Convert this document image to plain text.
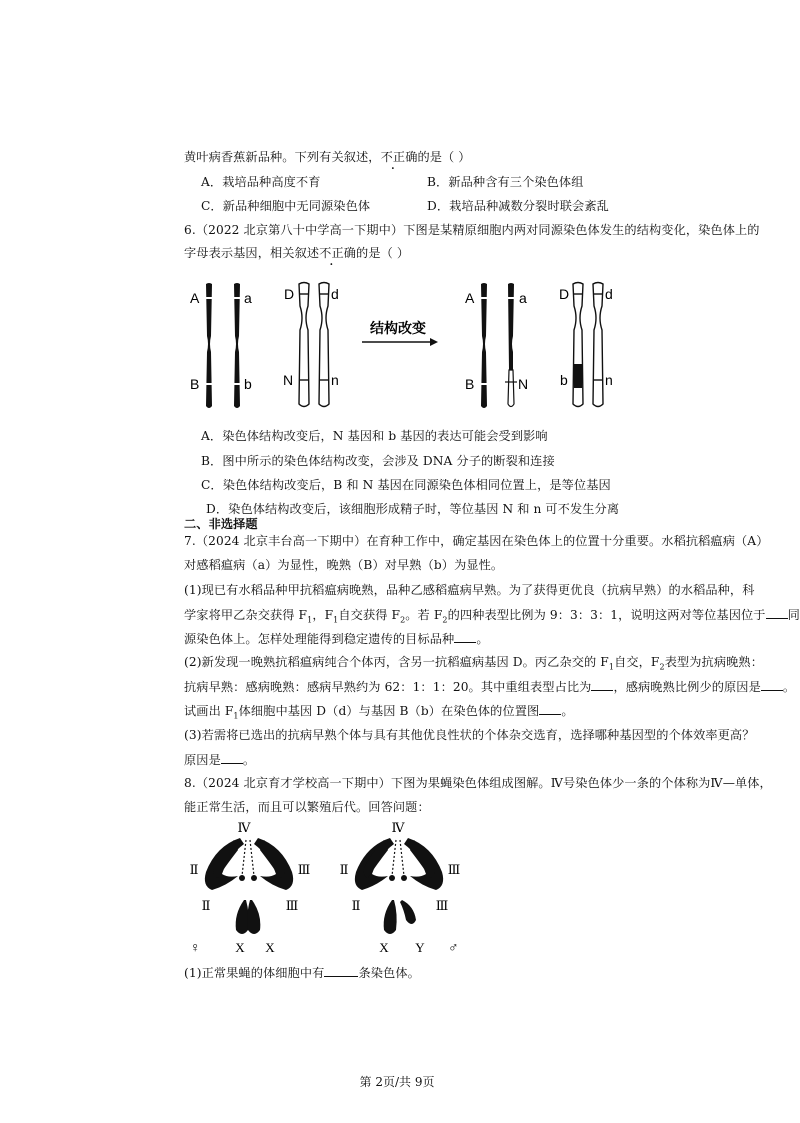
黄叶病香蕉新品种。下列有关叙述，不正确的是（ ）
A．栽培品种高度不育	B．新品种含有三个染色体组
C．新品种细胞中无同源染色体	D．栽培品种减数分裂时联会紊乱
6.（2022 北京第八十中学高一下期中）下图是某精原细胞内两对同源染色体发生的结构变化，染色体上的
字母表示基因，相关叙述不正确的是（ ）
A	a
B	b
D	d
N	n
结构改变
A	a
B	N
D	d
b	n
A．染色体结构改变后，N 基因和 b 基因的表达可能会受到影响
B．图中所示的染色体结构改变，会涉及 DNA 分子的断裂和连接
C．染色体结构改变后，B 和 N 基因在同源染色体相同位置上，是等位基因
D．染色体结构改变后，该细胞形成精子时，等位基因 N 和 n 可不发生分离
二、非选择题
7.（2024 北京丰台高一下期中）在育种工作中，确定基因在染色体上的位置十分重要。水稻抗稻瘟病（A）
对感稻瘟病（a）为显性，晚熟（B）对早熟（b）为显性。
(1)现已有水稻品种甲抗稻瘟病晚熟，品种乙感稻瘟病早熟。为了获得更优良（抗病早熟）的水稻品种，科
学家将甲乙杂交获得 $F_1$，$F_1$自交获得 $F_2$。若 $F_2$的四种表型比例为 9：3：3：1，说明这两对等位基因位于 同
源染色体上。怎样处理能得到稳定遗传的目标品种 。
(2)新发现一晚熟抗稻瘟病纯合个体丙，含另一抗稻瘟病基因 D。丙乙杂交的 $F_1$自交，$F_2$表型为抗病晚熟：
抗病早熟：感病晚熟：感病早熟约为 62：1：1：20。其中重组表型占比为 ，感病晚熟比例少的原因是 。
试画出 $F_1$体细胞中基因 D（d）与基因 B（b）在染色体的位置图 。
(3)若需将已选出的抗病早熟个体与具有其他优良性状的个体杂交选育，选择哪种基因型的个体效率更高？
原因是 。
8.（2024 北京育才学校高一下期中）下图为果蝇染色体组成图解。Ⅳ号染色体少一条的个体称为Ⅳ—单体，
能正常生活，而且可以繁殖后代。回答问题：
Ⅳ
Ⅱ	Ⅲ
Ⅱ	Ⅲ
♀	X X
Ⅳ
Ⅱ	Ⅲ
Ⅱ	Ⅲ
X Y ♂
(1)正常果蝇的体细胞中有	条染色体。
第 2页/共 9页
